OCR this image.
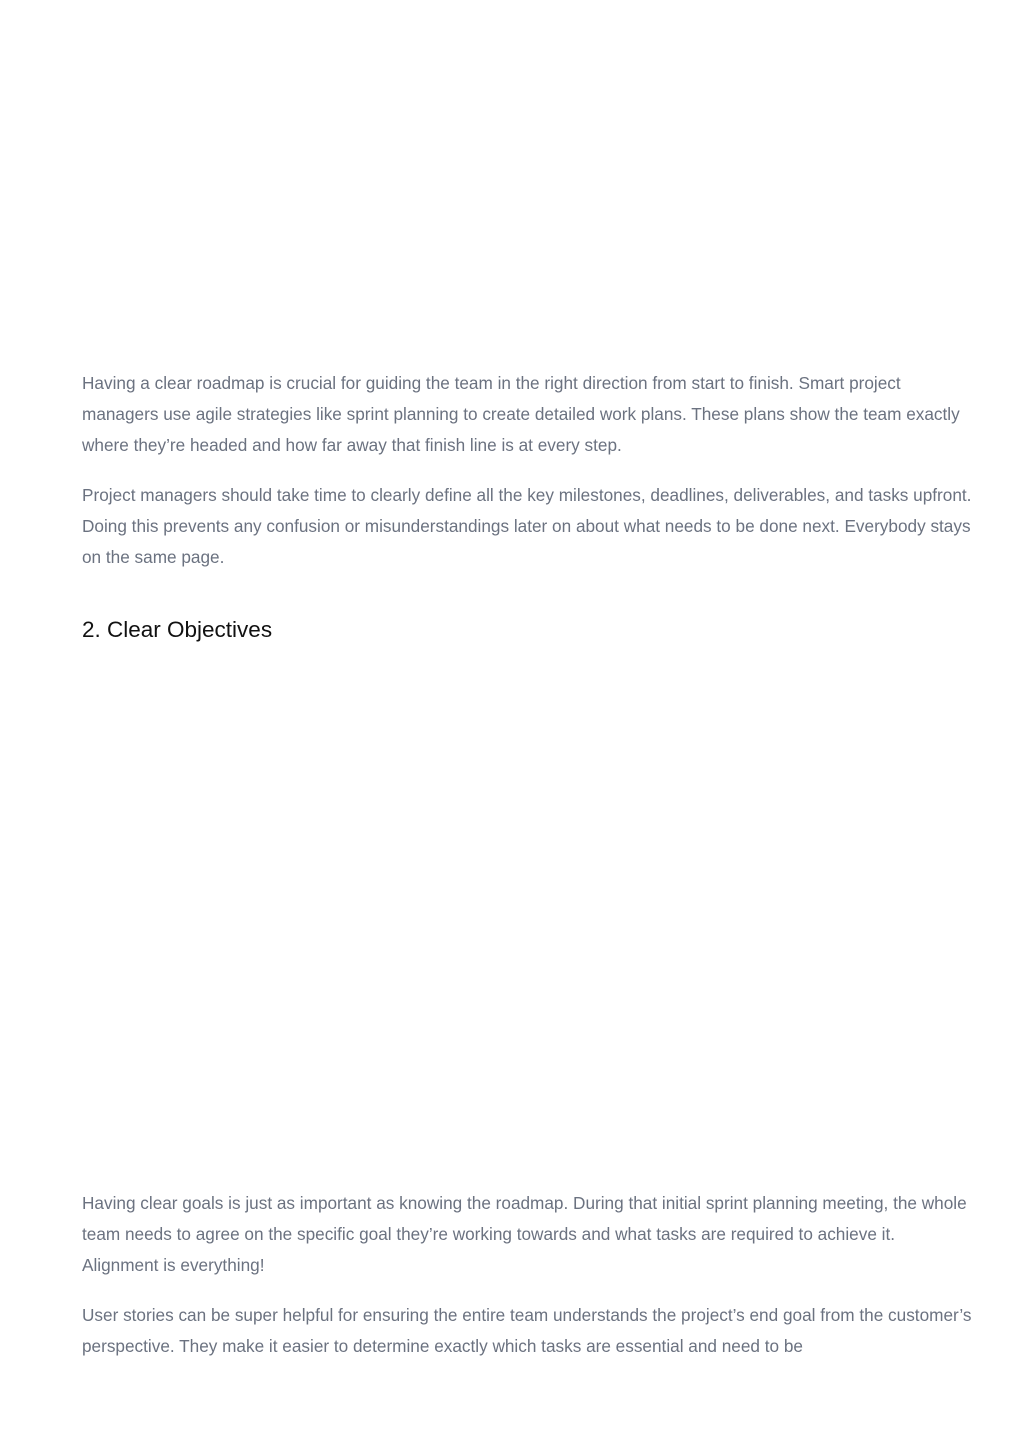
Having a clear roadmap is crucial for guiding the team in the right direction from start to finish. Smart project managers use agile strategies like sprint planning to create detailed work plans. These plans show the team exactly where they’re headed and how far away that finish line is at every step.

Project managers should take time to clearly define all the key milestones, deadlines, deliverables, and tasks upfront. Doing this prevents any confusion or misunderstandings later on about what needs to be done next. Everybody stays on the same page.

2. Clear Objectives

Having clear goals is just as important as knowing the roadmap. During that initial sprint planning meeting, the whole team needs to agree on the specific goal they’re working towards and what tasks are required to achieve it. Alignment is everything!

User stories can be super helpful for ensuring the entire team understands the project’s end goal from the customer’s perspective. They make it easier to determine exactly which tasks are essential and need to be
